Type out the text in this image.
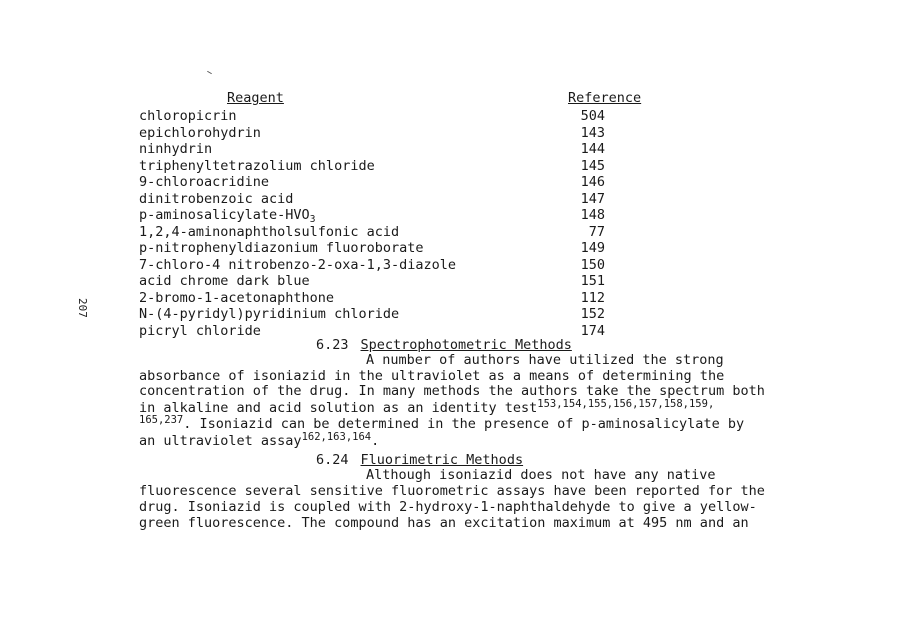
Reagent	Reference
chloropicrin	504
epichlorohydrin	143
ninhydrin	144
triphenyltetrazolium chloride	145
9-chloroacridine	146
dinitrobenzoic acid	147
$p-aminosalicylate-HVO_3$	148
1,2,4-aminonaphtholsulfonic acid	77
p-nitrophenyldiazonium fluoroborate	149
7-chloro-4 nitrobenzo-2-oxa-1,3-diazole	150
acid chrome dark blue	151
2-bromo-1-acetonaphthone	112
N-(4-pyridyl)pyridinium chloride	152
picryl chloride	174
207
6.23 Spectrophotometric Methods
A number of authors have utilized the strong
absorbance of isoniazid in the ultraviolet as a means of determining the
concentration of the drug. In many methods the authors take the spectrum both
in alkaline and acid solution as an identity test$^{153,154,155,156,157,158,159,}$
$^{165,237}$. Isoniazid can be determined in the presence of p-aminosalicylate by
an ultraviolet assay$^{162,163,164}$.
6.24 Fluorimetric Methods
Although isoniazid does not have any native
fluorescence several sensitive fluorometric assays have been reported for the
drug. Isoniazid is coupled with 2-hydroxy-1-naphthaldehyde to give a yellow-
green fluorescence. The compound has an excitation maximum at 495 nm and an
